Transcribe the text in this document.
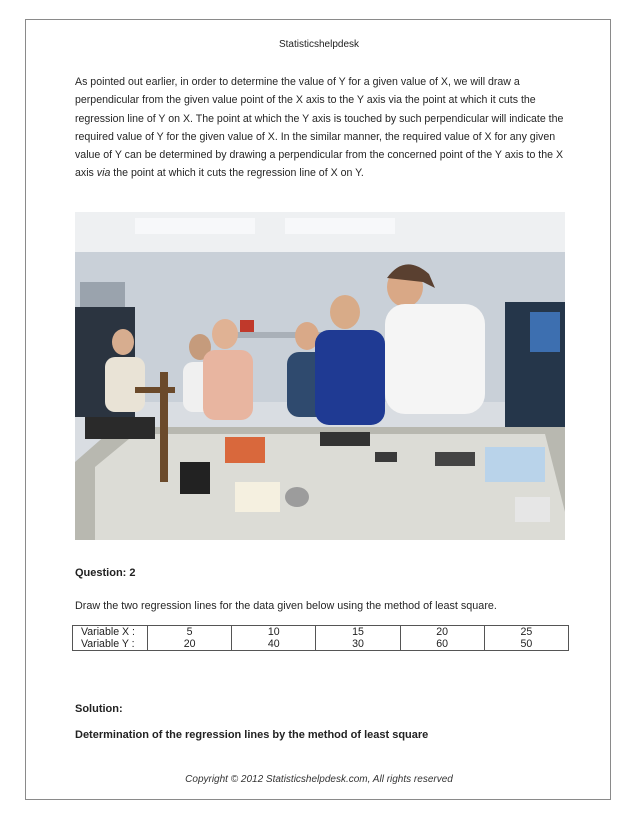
Statisticshelpdesk

As pointed out earlier, in order to determine the value of Y for a given value of X, we will draw a perpendicular from the given value point of the X axis to the Y axis via the point at which it cuts the regression line of Y on X. The point at which the Y axis is touched by such perpendicular will indicate the required value of Y for the given value of X. In the similar manner, the required value of X for any given value of Y can be determined by drawing a perpendicular from the concerned point of the Y axis to the X axis via the point at which it cuts the regression line of X on Y.

Question: 2
Draw the two regression lines for the data given below using the method of least square.
Variable X :	5	10	15	20	25
Variable Y :	20	40	30	60	50
Solution:
Determination of the regression lines by the method of least square
Copyright © 2012 Statisticshelpdesk.com, All rights reserved
